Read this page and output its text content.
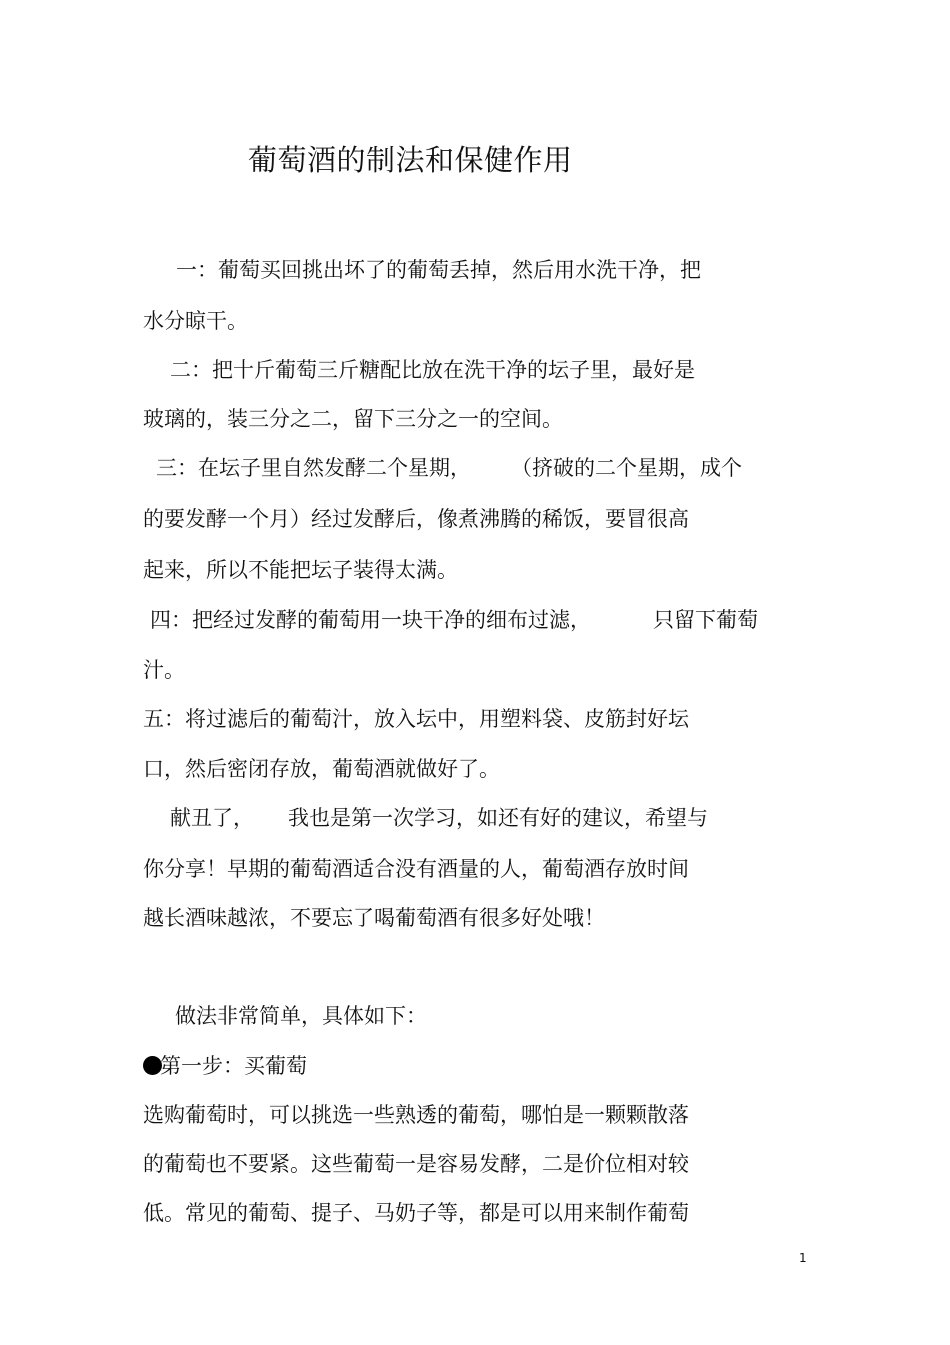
葡萄酒的制法和保健作用
一：葡萄买回挑出坏了的葡萄丢掉，然后用水洗干净，把
水分晾干。
二：把十斤葡萄三斤糖配比放在洗干净的坛子里，最好是
玻璃的，装三分之二，留下三分之一的空间。
三：在坛子里自然发酵二个星期， （挤破的二个星期，成个
的要发酵一个月）经过发酵后，像煮沸腾的稀饭，要冒很高
起来，所以不能把坛子装得太满。
四：把经过发酵的葡萄用一块干净的细布过滤，	只留下葡萄
汁。
五：将过滤后的葡萄汁，放入坛中，用塑料袋、皮筋封好坛
口，然后密闭存放，葡萄酒就做好了。
献丑了， 我也是第一次学习，如还有好的建议，希望与
你分享！早期的葡萄酒适合没有酒量的人，葡萄酒存放时间
越长酒味越浓，不要忘了喝葡萄酒有很多好处哦！
做法非常简单，具体如下：
第一步：买葡萄
选购葡萄时，可以挑选一些熟透的葡萄，哪怕是一颗颗散落
的葡萄也不要紧。这些葡萄一是容易发酵，二是价位相对较
低。常见的葡萄、提子、马奶子等，都是可以用来制作葡萄
1
